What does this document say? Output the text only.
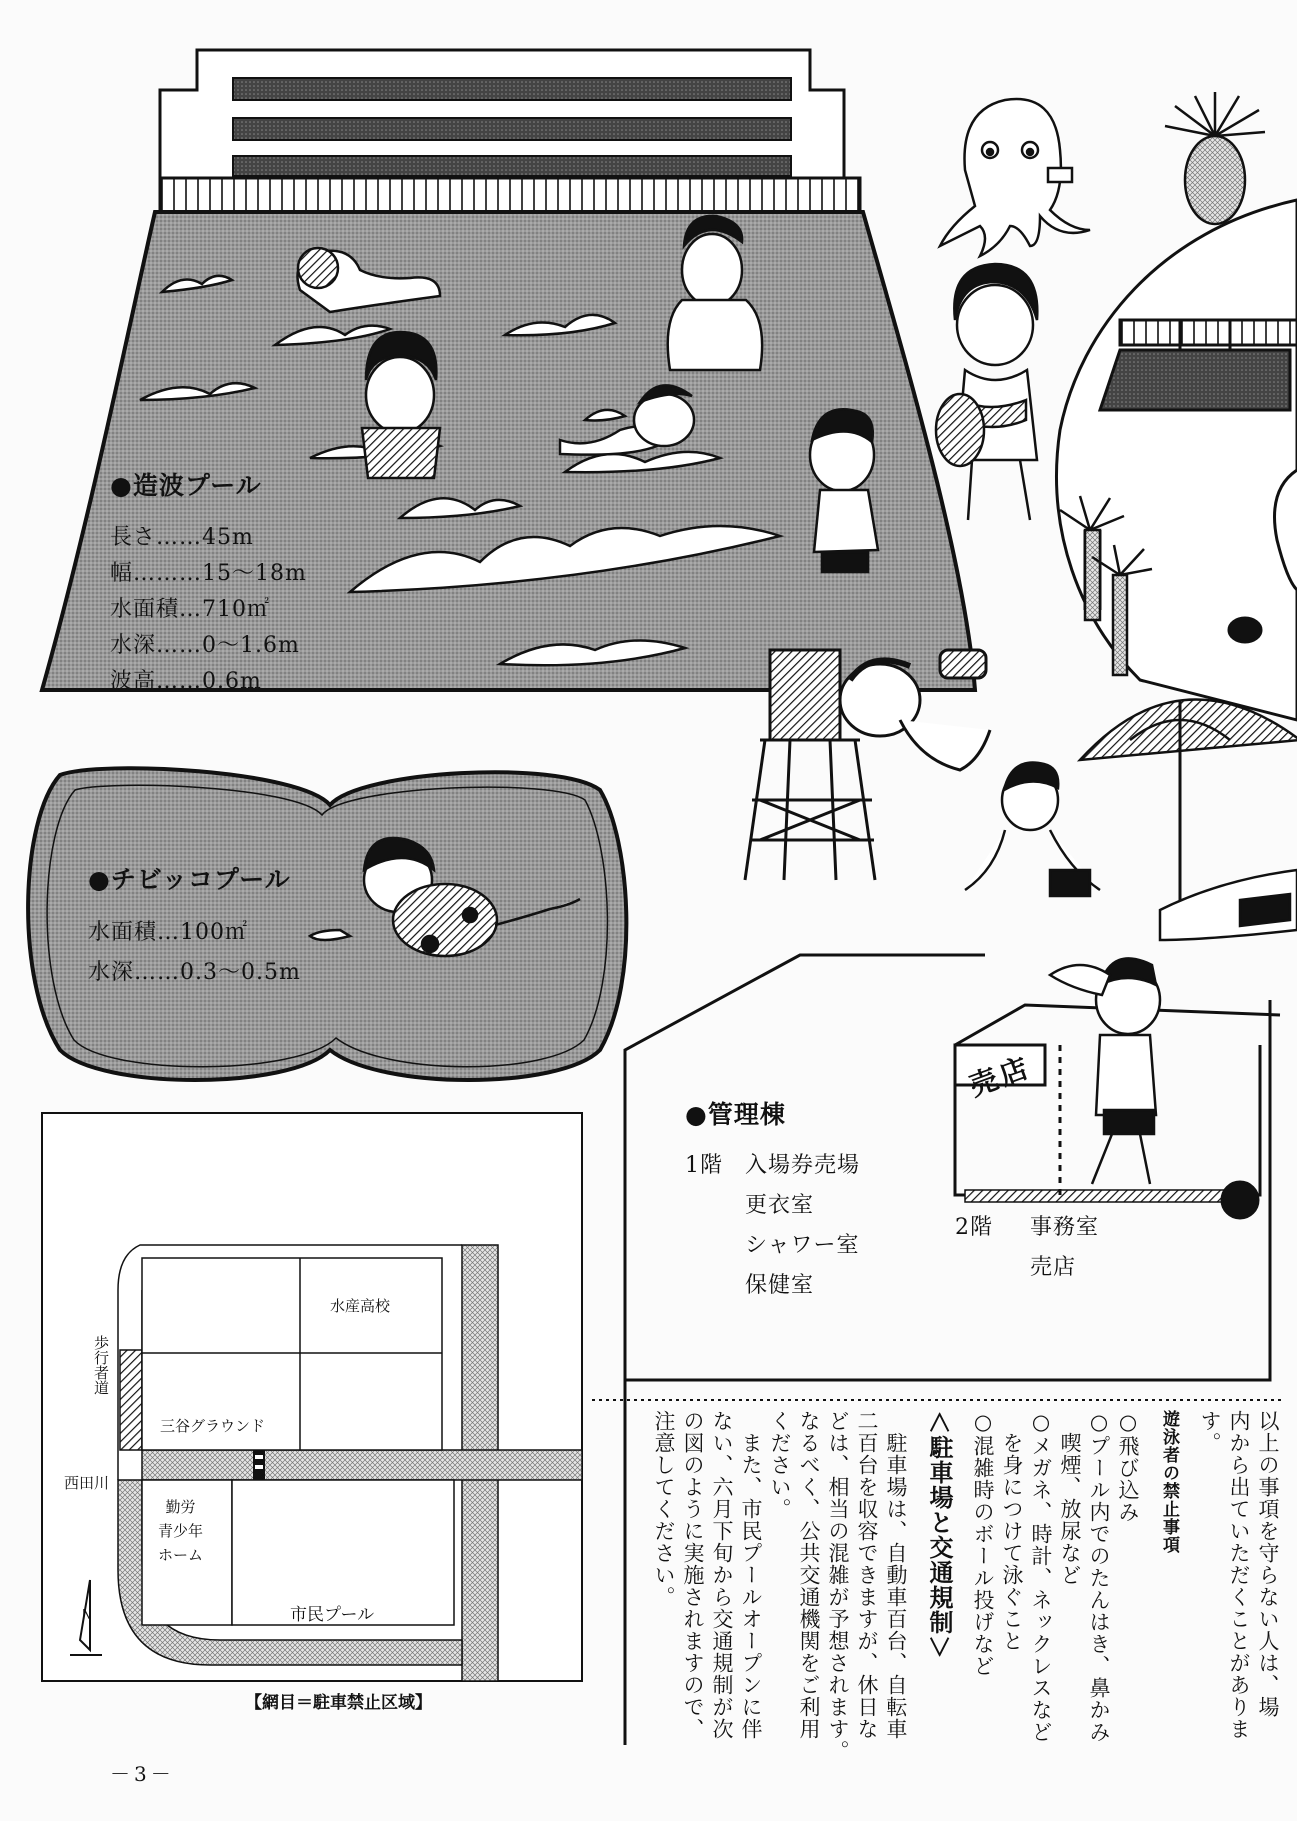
●造波プール
長さ……45m
幅………15～18m
水面積…710㎡
水深……0～1.6m
波高……0.6m
●チビッコプール
水面積…100㎡
水深……0.3～0.5m
●管理棟
1階 入場券売場
更衣室
シャワー室
保健室
2階 事務室
売店
売店
水産高校
三谷グラウンド
歩行者道
西田川
勤労
青少年
ホーム
市民プール
N
【網目＝駐車禁止区域】	以上の事項を守らない人は、場
内から出ていただくことがありま
す。
遊泳者の禁止事項
○飛び込み
○プール内でのたんはき、鼻かみ
　喫煙、放尿など
○メガネ、時計、ネックレスなど
　を身につけて泳ぐこと
○混雑時のボール投げなど
＜駐車場と交通規制＞
　駐車場は、自動車百台、自転車
二百台を収容できますが、休日な
どは、相当の混雑が予想されます。
なるべく、公共交通機関をご利用
ください。
　また、市民プールオープンに伴
ない、六月下旬から交通規制が次
の図のように実施されますので、
注意してください。
－3－
